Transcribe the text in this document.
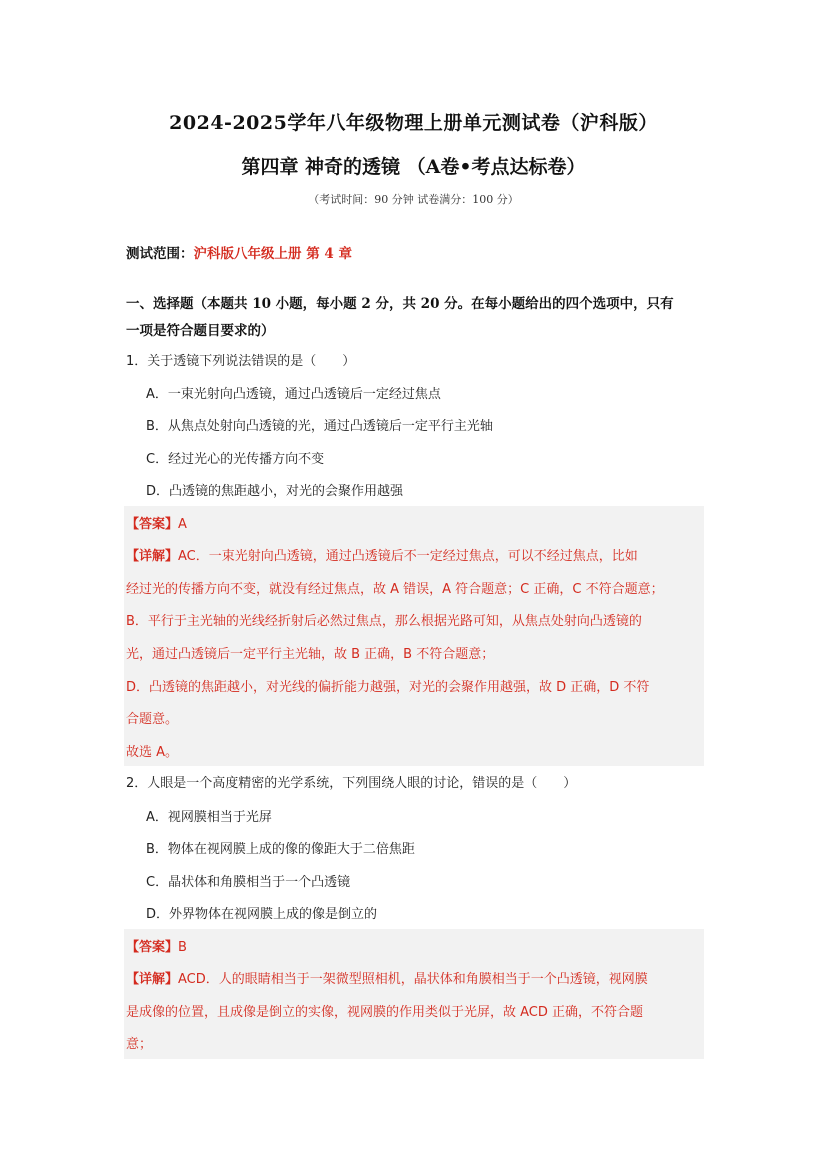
2024-2025学年八年级物理上册单元测试卷（沪科版）
第四章 神奇的透镜 （A卷•考点达标卷）
（考试时间：90 分钟 试卷满分：100 分）
测试范围：沪科版八年级上册 第 4 章
一、选择题（本题共 10 小题，每小题 2 分，共 20 分。在每小题给出的四个选项中，只有
一项是符合题目要求的）
1．关于透镜下列说法错误的是（　　）
A．一束光射向凸透镜，通过凸透镜后一定经过焦点
B．从焦点处射向凸透镜的光，通过凸透镜后一定平行主光轴
C．经过光心的光传播方向不变
D．凸透镜的焦距越小，对光的会聚作用越强
【答案】A
【详解】AC．一束光射向凸透镜，通过凸透镜后不一定经过焦点，可以不经过焦点，比如
经过光的传播方向不变，就没有经过焦点，故 A 错误，A 符合题意；C 正确，C 不符合题意；
B．平行于主光轴的光线经折射后必然过焦点，那么根据光路可知，从焦点处射向凸透镜的
光，通过凸透镜后一定平行主光轴，故 B 正确，B 不符合题意；
D．凸透镜的焦距越小，对光线的偏折能力越强，对光的会聚作用越强，故 D 正确，D 不符
合题意。
故选 A。
2．人眼是一个高度精密的光学系统，下列围绕人眼的讨论，错误的是（　　）
A．视网膜相当于光屏
B．物体在视网膜上成的像的像距大于二倍焦距
C．晶状体和角膜相当于一个凸透镜
D．外界物体在视网膜上成的像是倒立的
【答案】B
【详解】ACD．人的眼睛相当于一架微型照相机，晶状体和角膜相当于一个凸透镜，视网膜
是成像的位置，且成像是倒立的实像，视网膜的作用类似于光屏，故 ACD 正确，不符合题
意；
